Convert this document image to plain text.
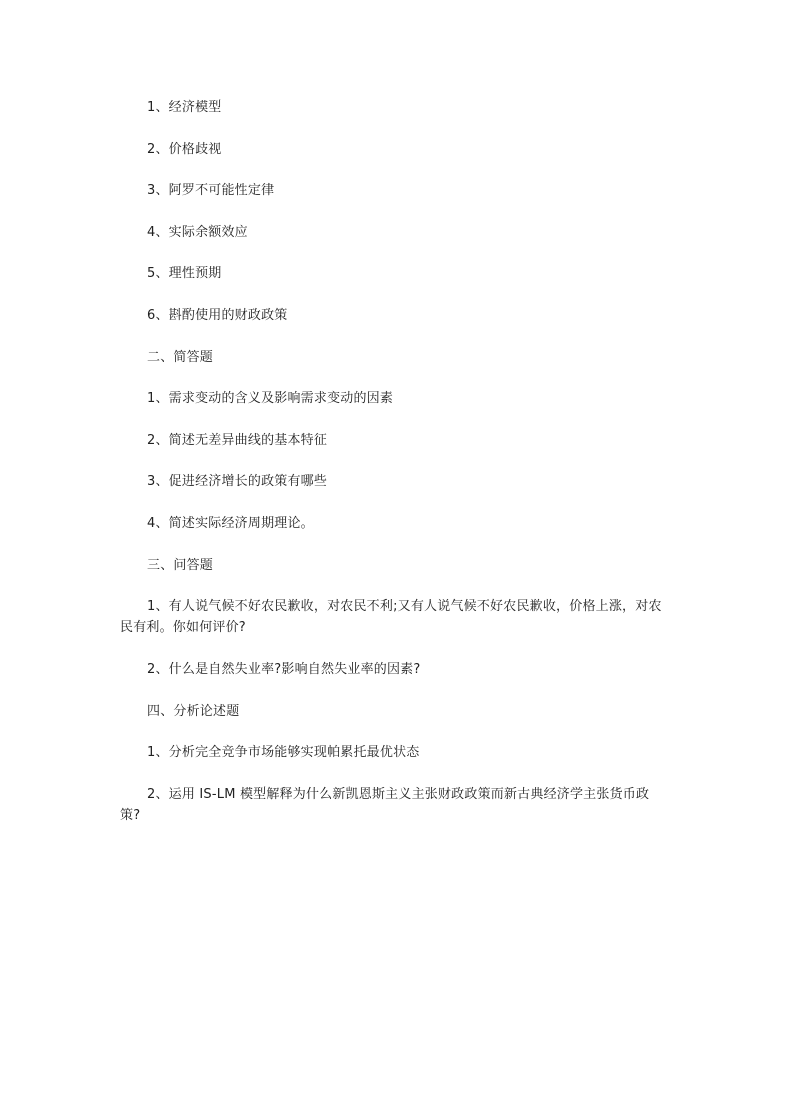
1、经济模型
2、价格歧视
3、阿罗不可能性定律
4、实际余额效应
5、理性预期
6、斟酌使用的财政政策
二、简答题
1、需求变动的含义及影响需求变动的因素
2、简述无差异曲线的基本特征
3、促进经济增长的政策有哪些
4、简述实际经济周期理论。
三、问答题
1、有人说气候不好农民歉收，对农民不利;又有人说气候不好农民歉收，价格上涨，对农民有利。你如何评价?
2、什么是自然失业率?影响自然失业率的因素?
四、分析论述题
1、分析完全竞争市场能够实现帕累托最优状态
2、运用 IS-LM 模型解释为什么新凯恩斯主义主张财政政策而新古典经济学主张货币政策?
